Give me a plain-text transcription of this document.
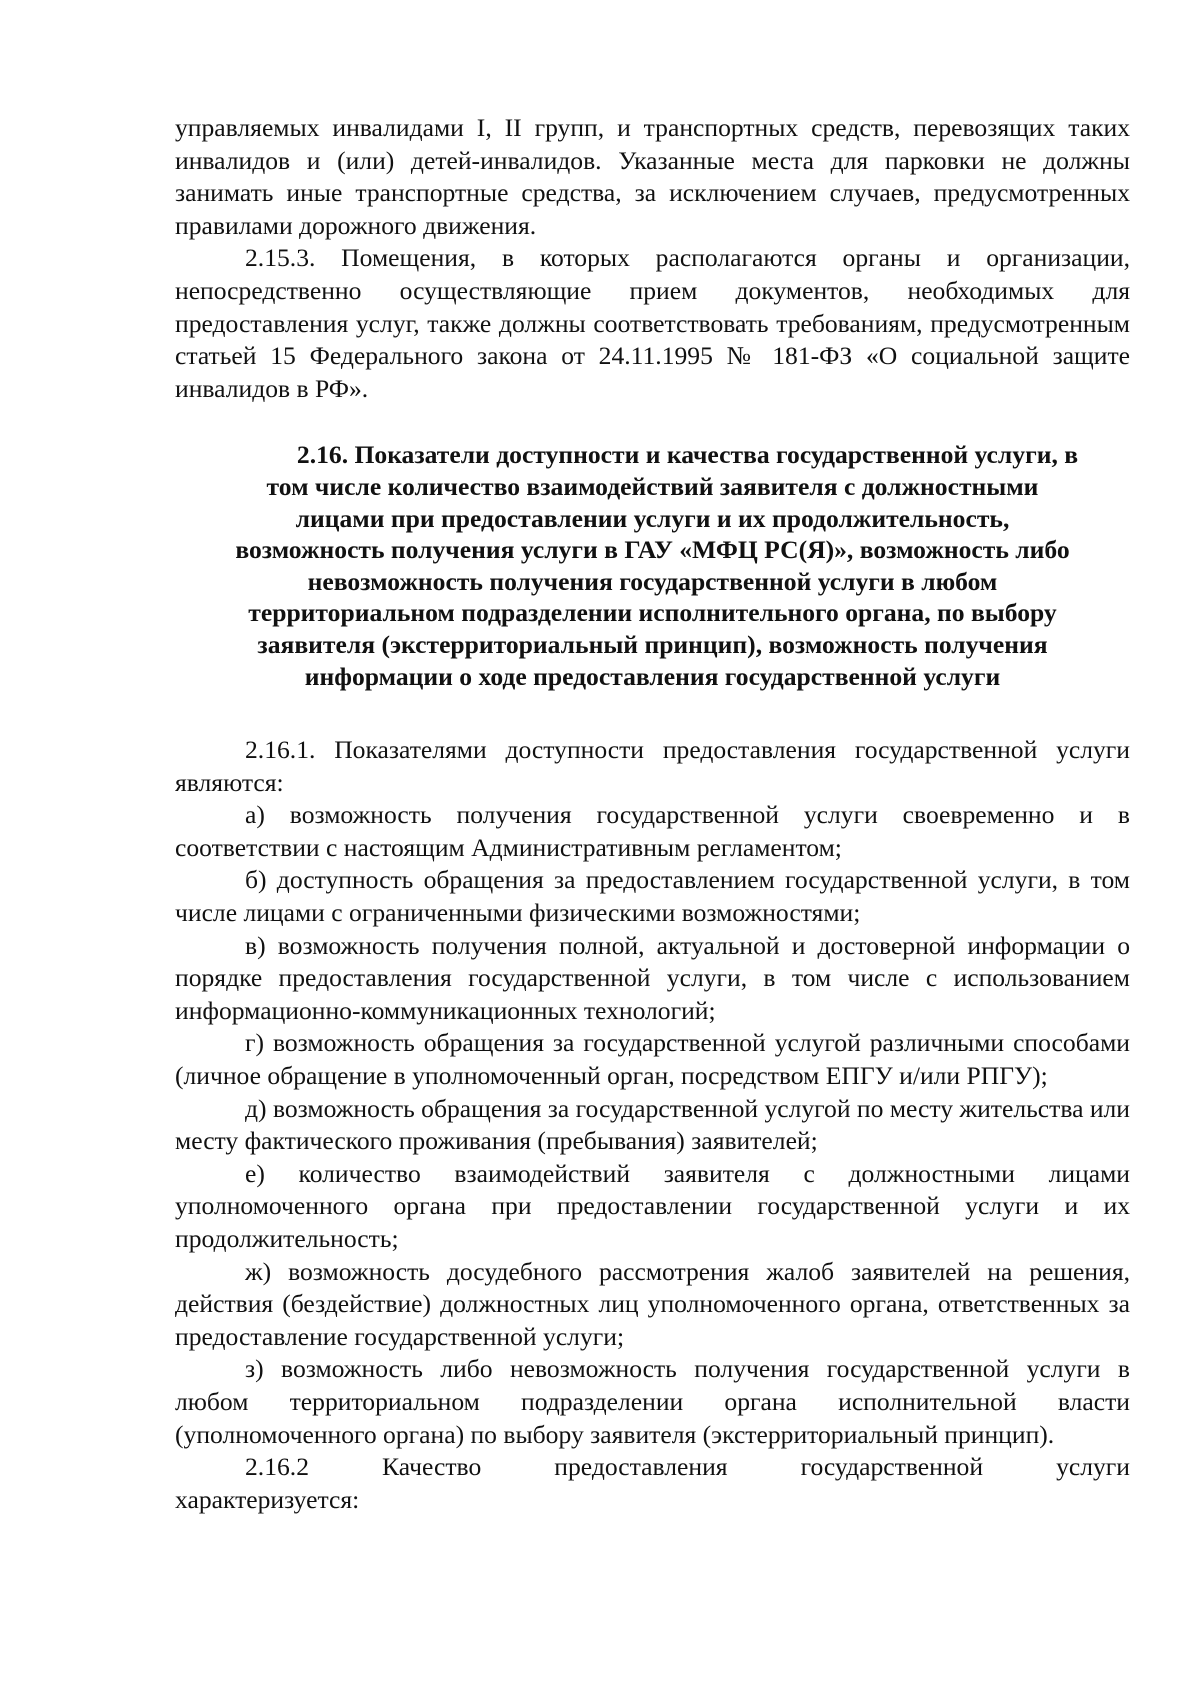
управляемых инвалидами I, II групп, и транспортных средств, перевозящих таких инвалидов и (или) детей-инвалидов. Указанные места для парковки не должны занимать иные транспортные средства, за исключением случаев, предусмотренных правилами дорожного движения.

2.15.3. Помещения, в которых располагаются органы и организации, непосредственно осуществляющие прием документов, необходимых для предоставления услуг, также должны соответствовать требованиям, предусмотренным статьей 15 Федерального закона от 24.11.1995 № 181-ФЗ «О социальной защите инвалидов в РФ».

2.16. Показатели доступности и качества государственной услуги, в
том числе количество взаимодействий заявителя с должностными
лицами при предоставлении услуги и их продолжительность,
возможность получения услуги в ГАУ «МФЦ РС(Я)», возможность либо
невозможность получения государственной услуги в любом
территориальном подразделении исполнительного органа, по выбору
заявителя (экстерриториальный принцип), возможность получения
информации о ходе предоставления государственной услуги

2.16.1. Показателями доступности предоставления государственной услуги являются:

а) возможность получения государственной услуги своевременно и в соответствии с настоящим Административным регламентом;

б) доступность обращения за предоставлением государственной услуги, в том числе лицами с ограниченными физическими возможностями;

в) возможность получения полной, актуальной и достоверной информации о порядке предоставления государственной услуги, в том числе с использованием информационно-коммуникационных технологий;

г) возможность обращения за государственной услугой различными способами (личное обращение в уполномоченный орган, посредством ЕПГУ и/или РПГУ);

д) возможность обращения за государственной услугой по месту жительства или месту фактического проживания (пребывания) заявителей;

е) количество взаимодействий заявителя с должностными лицами уполномоченного органа при предоставлении государственной услуги и их продолжительность;

ж) возможность досудебного рассмотрения жалоб заявителей на решения, действия (бездействие) должностных лиц уполномоченного органа, ответственных за предоставление государственной услуги;

з) возможность либо невозможность получения государственной услуги в любом территориальном подразделении органа исполнительной власти (уполномоченного органа) по выбору заявителя (экстерриториальный принцип).

2.16.2 Качество предоставления государственной услуги

характеризуется:
